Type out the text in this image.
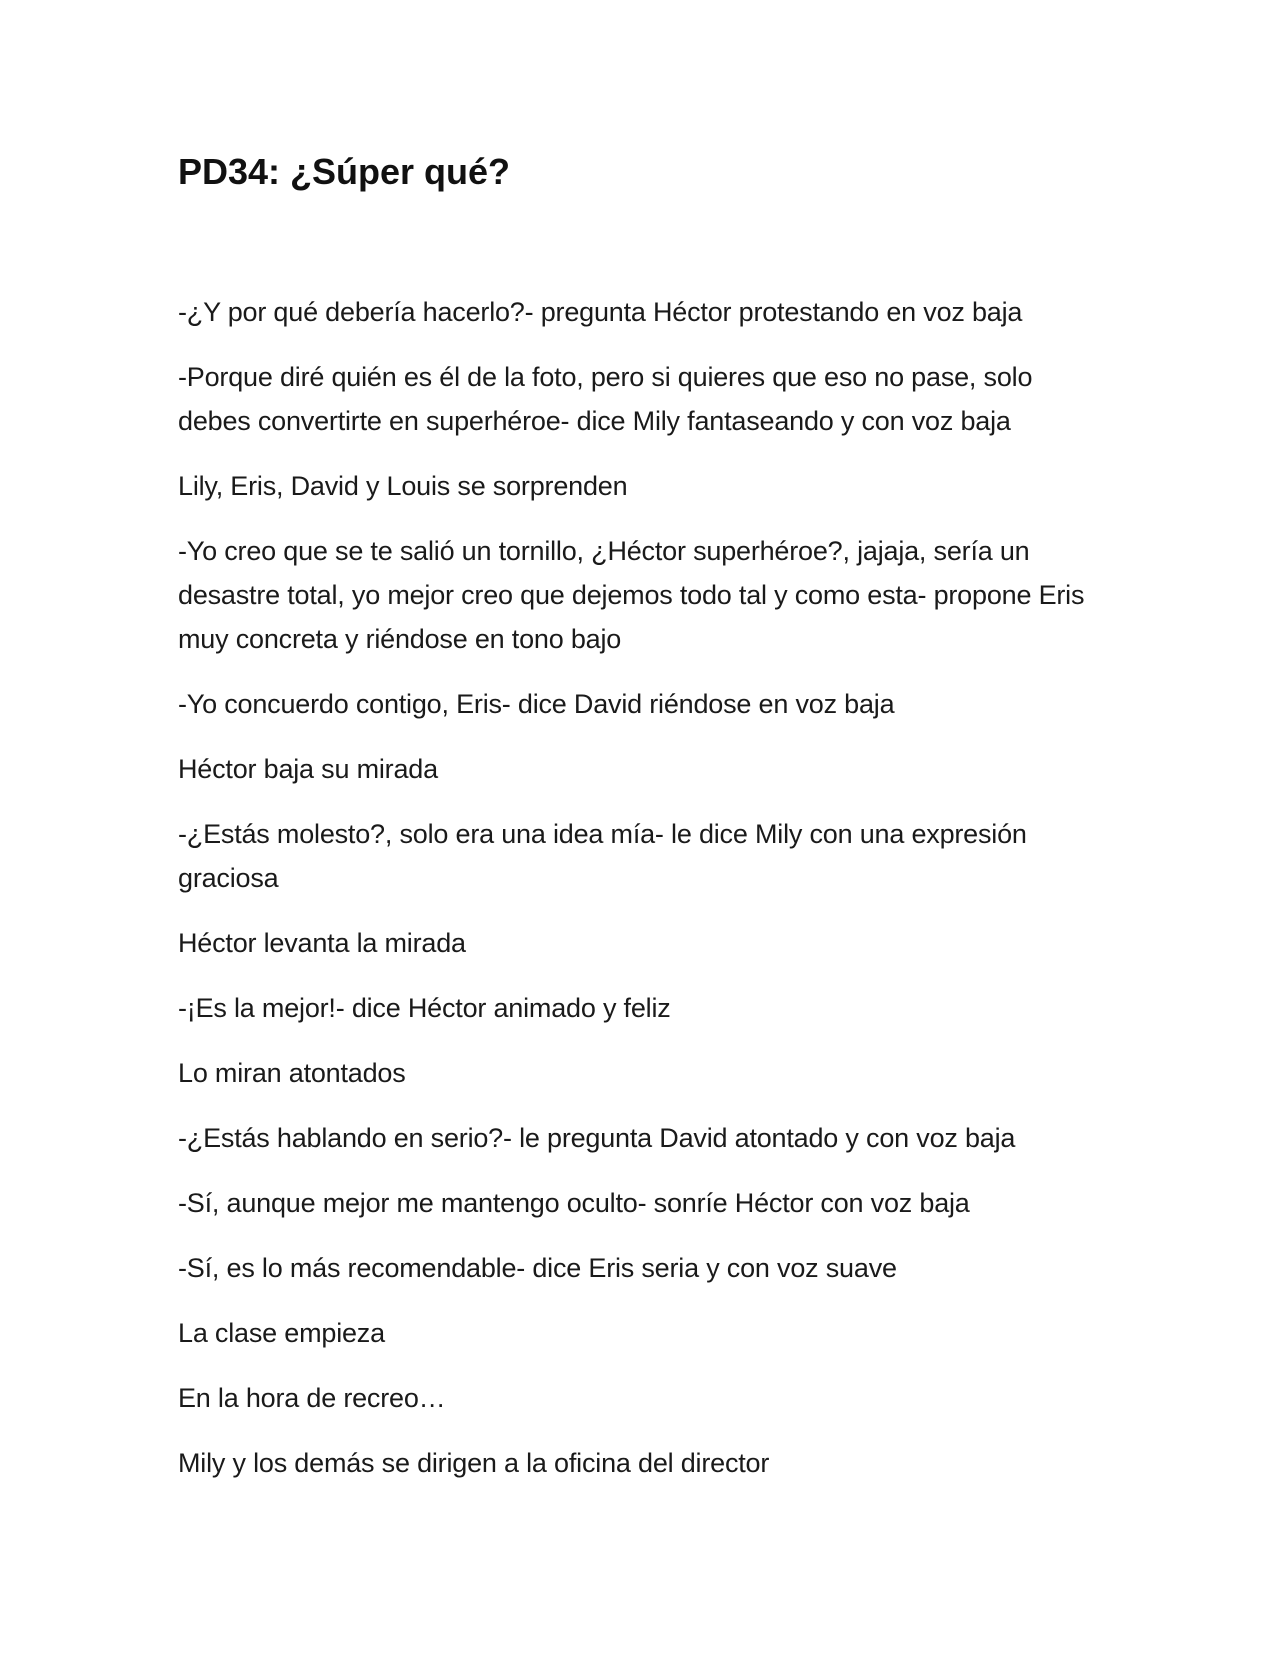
PD34: ¿Súper qué?

-¿Y por qué debería hacerlo?- pregunta Héctor protestando en voz baja

-Porque diré quién es él de la foto, pero si quieres que eso no pase, solo debes convertirte en superhéroe- dice Mily fantaseando y con voz baja

Lily, Eris, David y Louis se sorprenden

-Yo creo que se te salió un tornillo, ¿Héctor superhéroe?, jajaja, sería un desastre total, yo mejor creo que dejemos todo tal y como esta- propone Eris muy concreta y riéndose en tono bajo

-Yo concuerdo contigo, Eris- dice David riéndose en voz baja

Héctor baja su mirada

-¿Estás molesto?, solo era una idea mía- le dice Mily con una expresión graciosa

Héctor levanta la mirada

-¡Es la mejor!- dice Héctor animado y feliz

Lo miran atontados

-¿Estás hablando en serio?- le pregunta David atontado y con voz baja

-Sí, aunque mejor me mantengo oculto- sonríe Héctor con voz baja

-Sí, es lo más recomendable- dice Eris seria y con voz suave

La clase empieza

En la hora de recreo…

Mily y los demás se dirigen a la oficina del director
